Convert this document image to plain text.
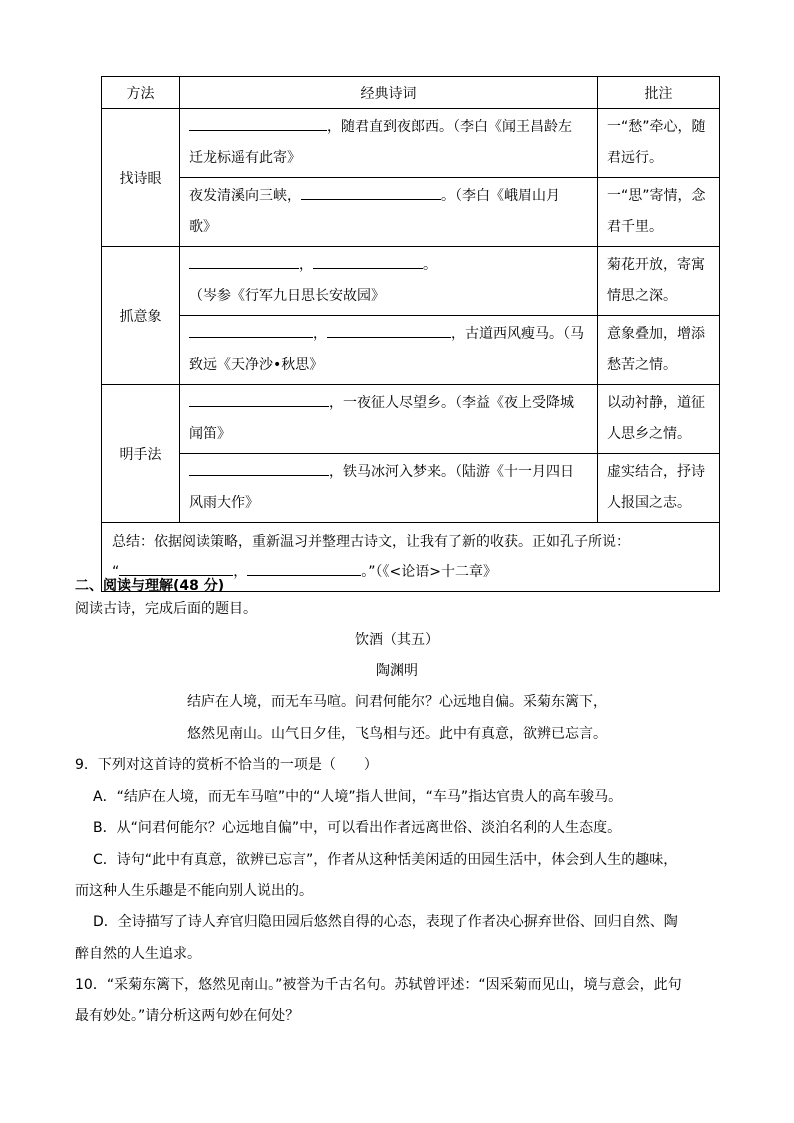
方法	经典诗词	批注
找诗眼	，随君直到夜郎西。（李白《闻王昌龄左
迁龙标遥有此寄》	一“愁”牵心，随
君远行。
	夜发清溪向三峡， 。（李白《峨眉山月
歌》	一“思”寄情，念
君千里。
抓意象	， 。
（岑参《行军九日思长安故园》	菊花开放，寄寓
情思之深。
	， ，古道西风瘦马。（马
致远《天净沙•秋思》	意象叠加，增添
愁苦之情。
明手法	，一夜征人尽望乡。（李益《夜上受降城
闻笛》	以动衬静，道征
人思乡之情。
	，铁马冰河入梦来。（陆游《十一月四日
风雨大作》	虚实结合，抒诗
人报国之志。
总结：依据阅读策略，重新温习并整理古诗文，让我有了新的收获。正如孔子所说：
“ ， 。”（《<论语>十二章》		
二、阅读与理解(48 分)
阅读古诗，完成后面的题目。
饮酒（其五）
陶渊明
结庐在人境，而无车马喧。问君何能尔？心远地自偏。采菊东篱下，
悠然见南山。山气日夕佳，飞鸟相与还。此中有真意，欲辨已忘言。
9．下列对这首诗的赏析不恰当的一项是（　　）
A．“结庐在人境，而无车马喧”中的“人境”指人世间，“车马”指达官贵人的高车骏马。
B．从“问君何能尔？心远地自偏”中，可以看出作者远离世俗、淡泊名利的人生态度。
C．诗句“此中有真意，欲辨已忘言”，作者从这种恬美闲适的田园生活中，体会到人生的趣味，
而这种人生乐趣是不能向别人说出的。
D．全诗描写了诗人弃官归隐田园后悠然自得的心态，表现了作者决心摒弃世俗、回归自然、陶
醉自然的人生追求。
10．“采菊东篱下，悠然见南山。”被誉为千古名句。苏轼曾评述：“因采菊而见山，境与意会，此句
最有妙处。”请分析这两句妙在何处？
